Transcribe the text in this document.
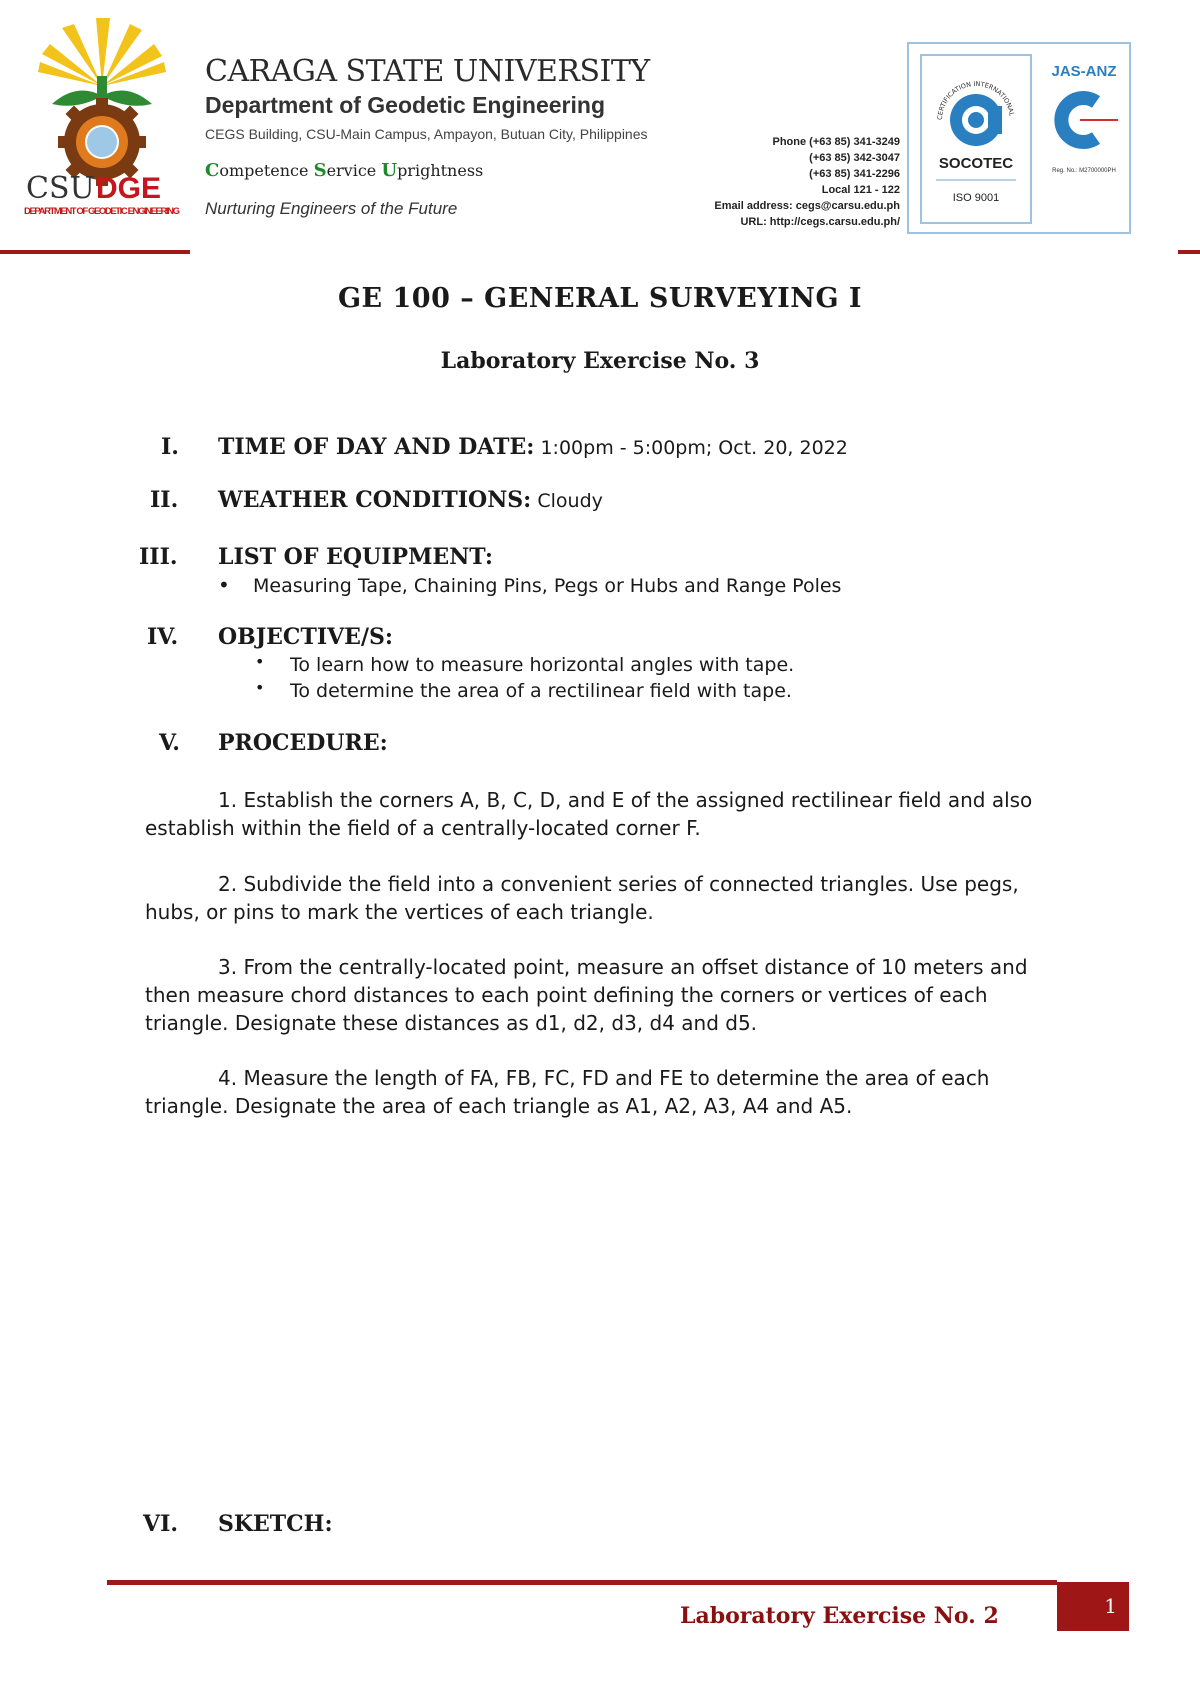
CSU DGE
DEPARTMENT OF GEODETIC ENGINEERING
CARAGA STATE UNIVERSITY
Department of Geodetic Engineering
CEGS Building, CSU-Main Campus, Ampayon, Butuan City, Philippines
Competence Service Uprightness
Nurturing Engineers of the Future
Phone (+63 85) 341-3249
(+63 85) 342-3047
(+63 85) 341-2296
Local 121 - 122
Email address: cegs@carsu.edu.ph
URL: http://cegs.carsu.edu.ph/
CERTIFICATION INTERNATIONAL
SOCOTEC
ISO 9001
JAS-ANZ
Reg. No.: M2700000PH
GE 100 – GENERAL SURVEYING I
Laboratory Exercise No. 3
I. TIME OF DAY AND DATE: 1:00pm - 5:00pm; Oct. 20, 2022
II. WEATHER CONDITIONS: Cloudy
III. LIST OF EQUIPMENT:
• Measuring Tape, Chaining Pins, Pegs or Hubs and Range Poles
IV. OBJECTIVE/S:
• To learn how to measure horizontal angles with tape.
• To determine the area of a rectilinear field with tape.
V. PROCEDURE:
1. Establish the corners A, B, C, D, and E of the assigned rectilinear field and also establish within the field of a centrally-located corner F.
2. Subdivide the field into a convenient series of connected triangles. Use pegs, hubs, or pins to mark the vertices of each triangle.
3. From the centrally-located point, measure an offset distance of 10 meters and then measure chord distances to each point defining the corners or vertices of each triangle. Designate these distances as d1, d2, d3, d4 and d5.
4. Measure the length of FA, FB, FC, FD and FE to determine the area of each triangle. Designate the area of each triangle as A1, A2, A3, A4 and A5.
VI. SKETCH:
Laboratory Exercise No. 2	1
